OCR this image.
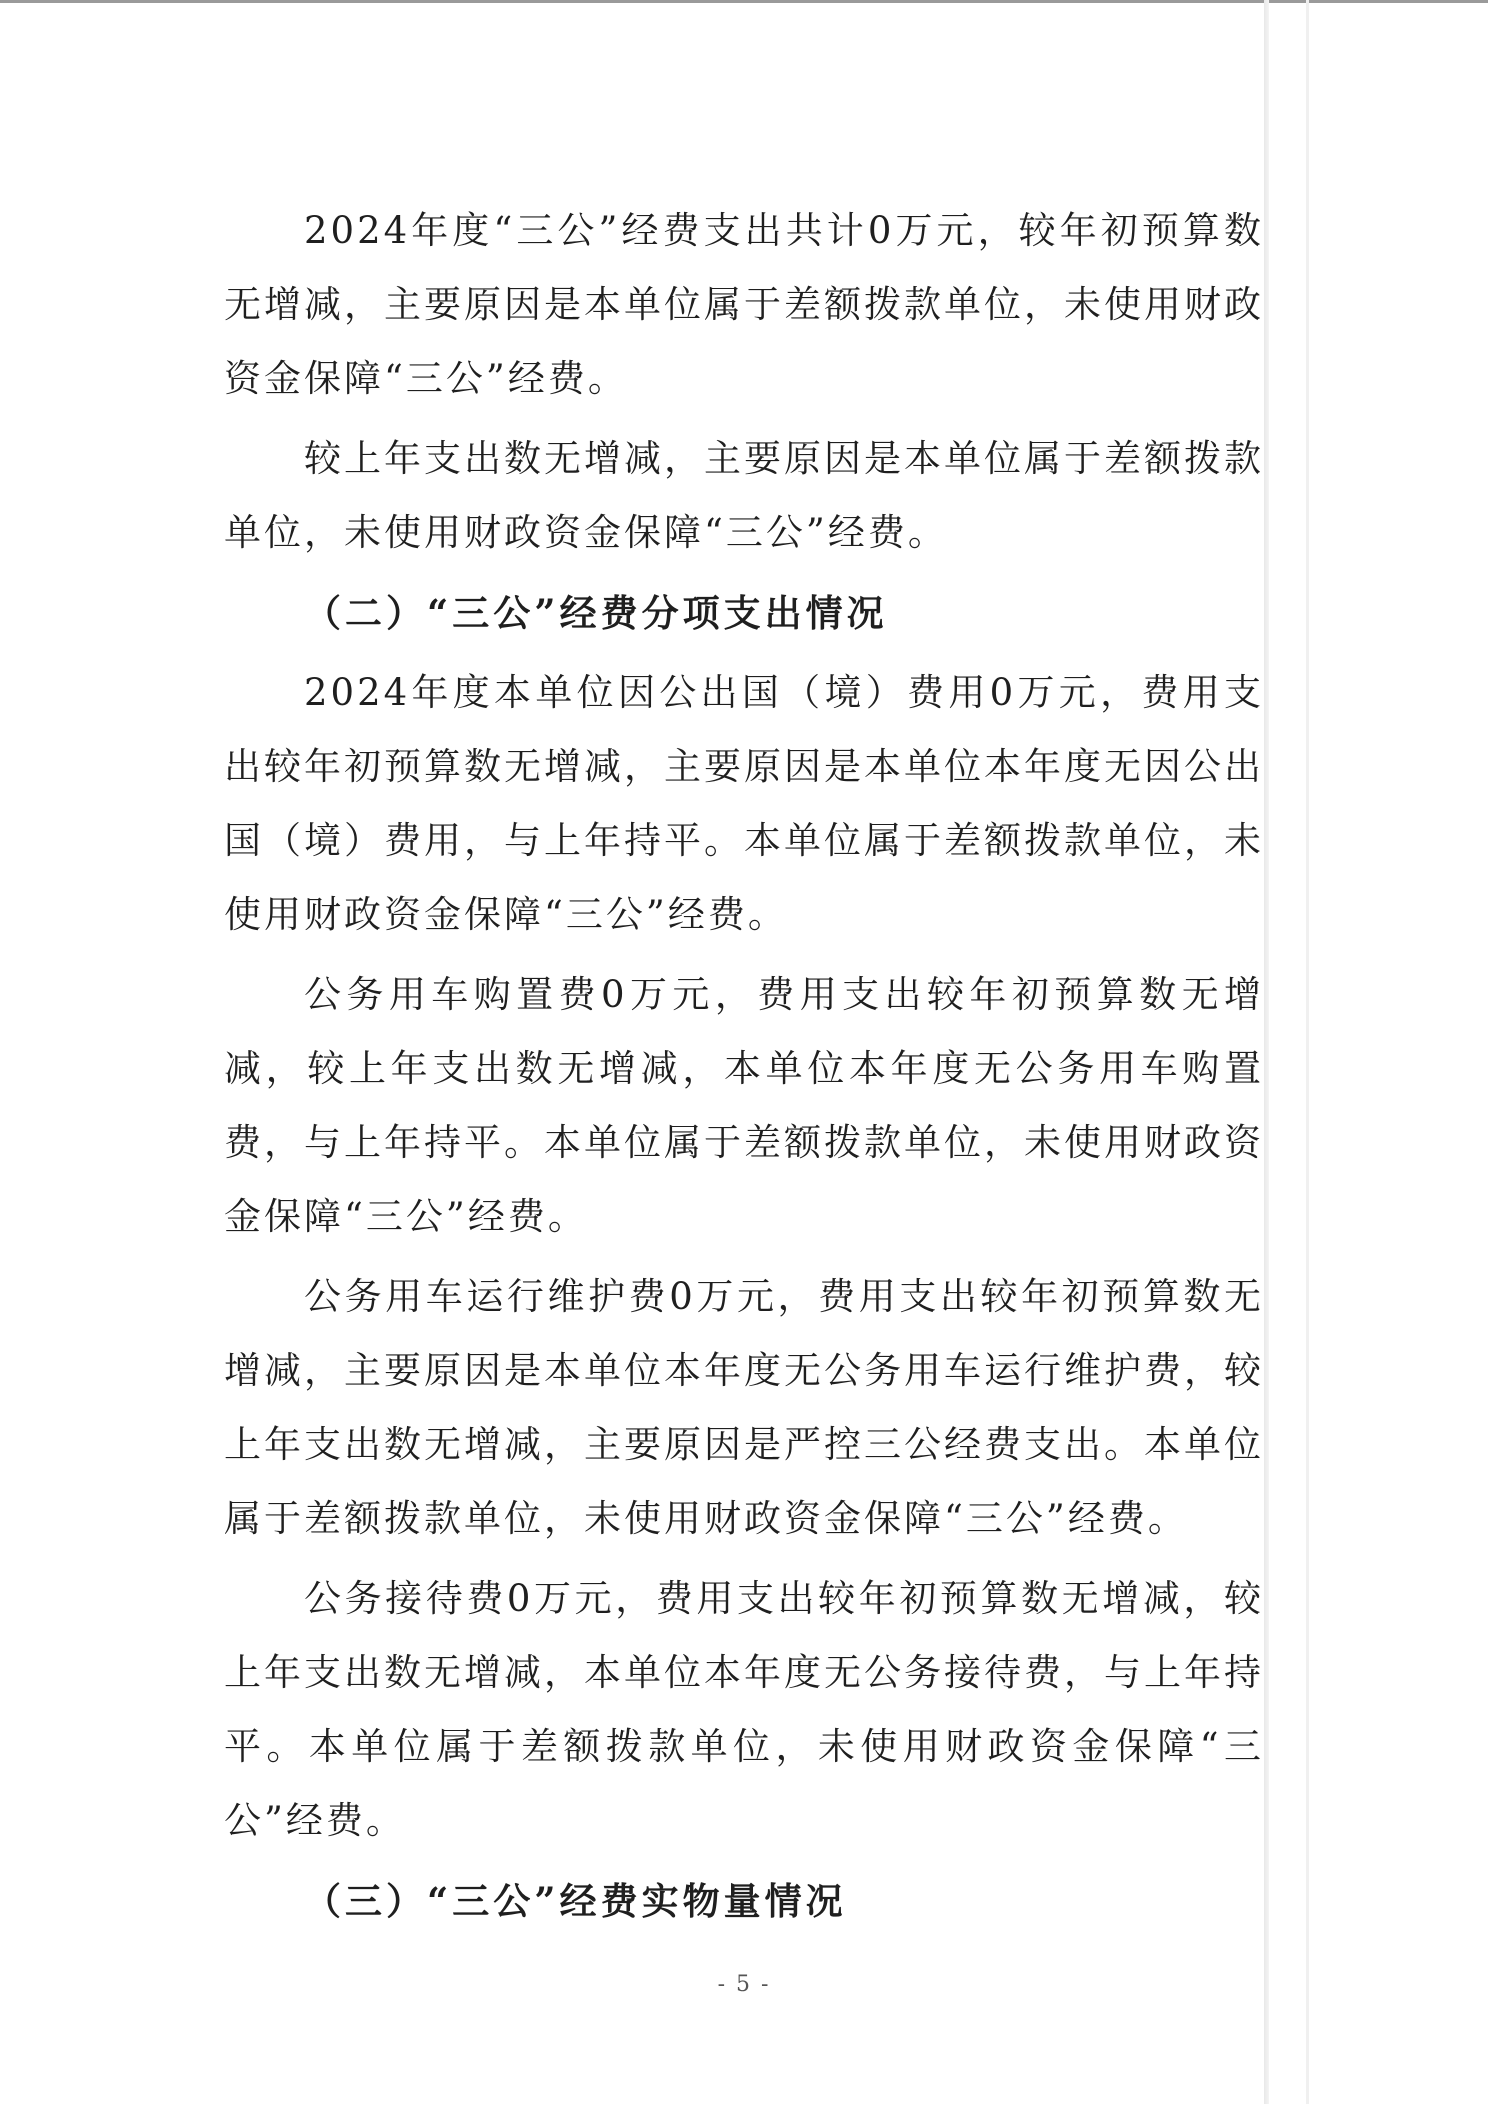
2024年度“三公”经费支出共计0万元，较年初预算数无增减，主要原因是本单位属于差额拨款单位，未使用财政资金保障“三公”经费。

较上年支出数无增减，主要原因是本单位属于差额拨款单位，未使用财政资金保障“三公”经费。

（二）“三公”经费分项支出情况

2024年度本单位因公出国（境）费用0万元，费用支出较年初预算数无增减，主要原因是本单位本年度无因公出国（境）费用，与上年持平。本单位属于差额拨款单位，未使用财政资金保障“三公”经费。

公务用车购置费0万元，费用支出较年初预算数无增减，较上年支出数无增减，本单位本年度无公务用车购置费，与上年持平。本单位属于差额拨款单位，未使用财政资金保障“三公”经费。

公务用车运行维护费0万元，费用支出较年初预算数无增减，主要原因是本单位本年度无公务用车运行维护费，较上年支出数无增减，主要原因是严控三公经费支出。本单位属于差额拨款单位，未使用财政资金保障“三公”经费。

公务接待费0万元，费用支出较年初预算数无增减，较上年支出数无增减，本单位本年度无公务接待费，与上年持平。本单位属于差额拨款单位，未使用财政资金保障“三公”经费。

（三）“三公”经费实物量情况

- 5 -
